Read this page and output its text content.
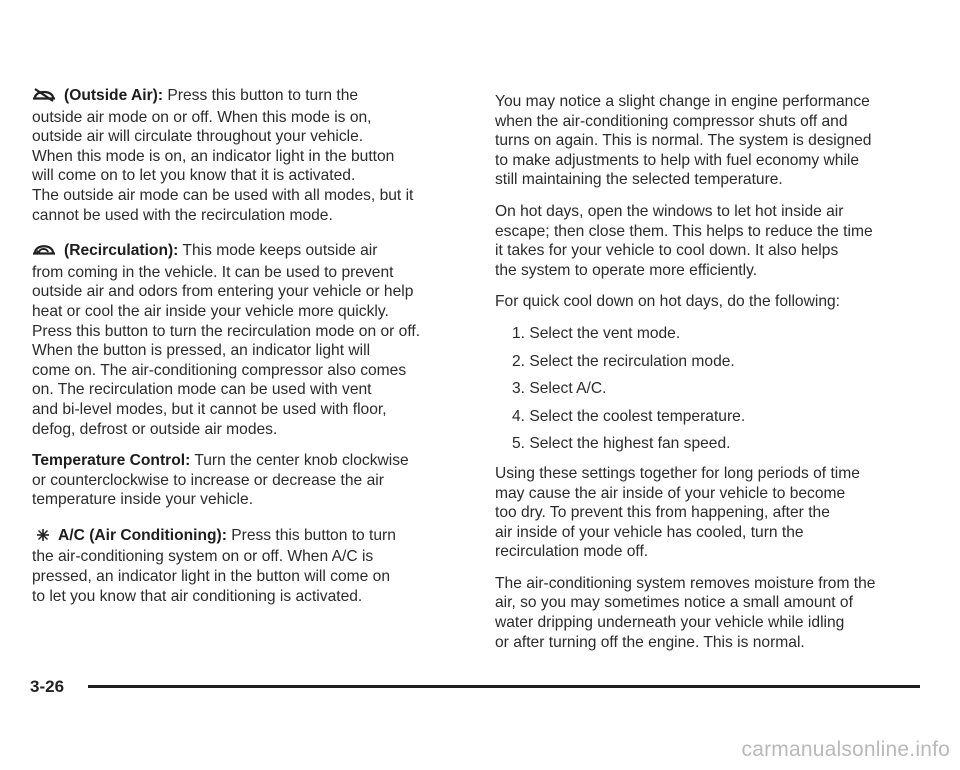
(Outside Air): Press this button to turn the
outside air mode on or off. When this mode is on,
outside air will circulate throughout your vehicle.
When this mode is on, an indicator light in the button
will come on to let you know that it is activated.
The outside air mode can be used with all modes, but it
cannot be used with the recirculation mode.

(Recirculation): This mode keeps outside air
from coming in the vehicle. It can be used to prevent
outside air and odors from entering your vehicle or help
heat or cool the air inside your vehicle more quickly.
Press this button to turn the recirculation mode on or off.
When the button is pressed, an indicator light will
come on. The air-conditioning compressor also comes
on. The recirculation mode can be used with vent
and bi-level modes, but it cannot be used with floor,
defog, defrost or outside air modes.

Temperature Control: Turn the center knob clockwise
or counterclockwise to increase or decrease the air
temperature inside your vehicle.

A/C (Air Conditioning): Press this button to turn
the air-conditioning system on or off. When A/C is
pressed, an indicator light in the button will come on
to let you know that air conditioning is activated.

You may notice a slight change in engine performance
when the air-conditioning compressor shuts off and
turns on again. This is normal. The system is designed
to make adjustments to help with fuel economy while
still maintaining the selected temperature.

On hot days, open the windows to let hot inside air
escape; then close them. This helps to reduce the time
it takes for your vehicle to cool down. It also helps
the system to operate more efficiently.

For quick cool down on hot days, do the following:

1. Select the vent mode.
2. Select the recirculation mode.
3. Select A/C.
4. Select the coolest temperature.
5. Select the highest fan speed.

Using these settings together for long periods of time
may cause the air inside of your vehicle to become
too dry. To prevent this from happening, after the
air inside of your vehicle has cooled, turn the
recirculation mode off.

The air-conditioning system removes moisture from the
air, so you may sometimes notice a small amount of
water dripping underneath your vehicle while idling
or after turning off the engine. This is normal.

3-26
carmanualsonline.info
